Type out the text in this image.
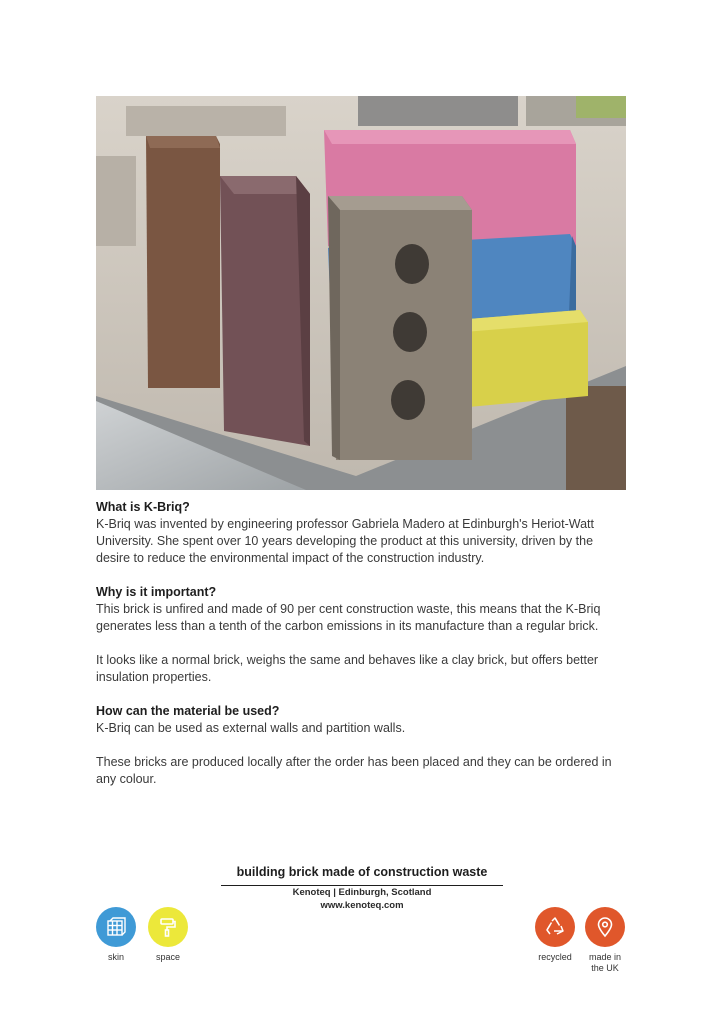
What is K-Briq?

K-Briq was invented by engineering professor Gabriela Madero at Edinburgh's Heriot-Watt University. She spent over 10 years developing the product at this university, driven by the desire to reduce the environmental impact of the construction industry.

Why is it important?

This brick is unfired and made of 90 per cent construction waste, this means that the K-Briq generates less than a tenth of the carbon emissions in its manufacture than a regular brick.

It looks like a normal brick, weighs the same and behaves like a clay brick, but offers better insulation properties.

How can the material be used?

K-Briq can be used as external walls and partition walls.

These bricks are produced locally after the order has been placed and they can be ordered in any colour.

building brick made of construction waste
Kenoteq | Edinburgh, Scotland
www.kenoteq.com
skin	space	recycled	made in the UK
